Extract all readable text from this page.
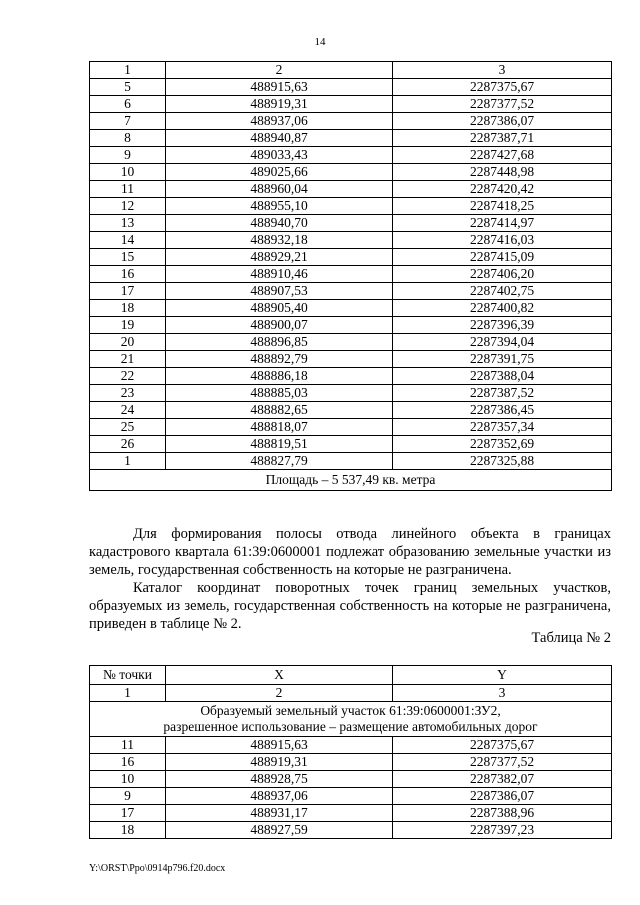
14
1	2	3
5	488915,63	2287375,67
6	488919,31	2287377,52
7	488937,06	2287386,07
8	488940,87	2287387,71
9	489033,43	2287427,68
10	489025,66	2287448,98
11	488960,04	2287420,42
12	488955,10	2287418,25
13	488940,70	2287414,97
14	488932,18	2287416,03
15	488929,21	2287415,09
16	488910,46	2287406,20
17	488907,53	2287402,75
18	488905,40	2287400,82
19	488900,07	2287396,39
20	488896,85	2287394,04
21	488892,79	2287391,75
22	488886,18	2287388,04
23	488885,03	2287387,52
24	488882,65	2287386,45
25	488818,07	2287357,34
26	488819,51	2287352,69
1	488827,79	2287325,88
Площадь – 5 537,49 кв. метра		
Для формирования полосы отвода линейного объекта в границах кадастрового квартала 61:39:0600001 подлежат образованию земельные участки из земель, государственная собственность на которые не разграничена.
Каталог координат поворотных точек границ земельных участков, образуемых из земель, государственная собственность на которые не разграничена, приведен в таблице № 2.
Таблица № 2
№ точки	X	Y
1	2	3
Образуемый земельный участок 61:39:0600001:ЗУ2,
разрешенное использование – размещение автомобильных дорог		
11	488915,63	2287375,67
16	488919,31	2287377,52
10	488928,75	2287382,07
9	488937,06	2287386,07
17	488931,17	2287388,96
18	488927,59	2287397,23
Y:\ORST\Ppo\0914p796.f20.docx
